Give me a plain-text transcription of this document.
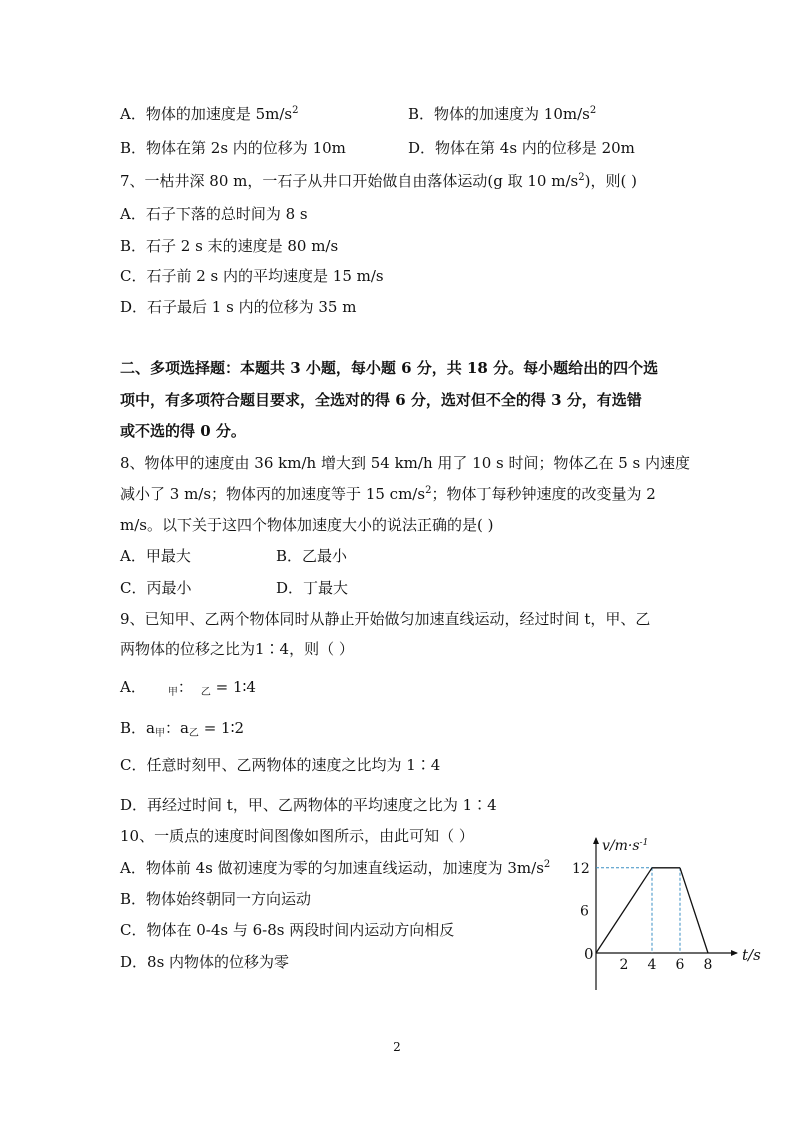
A．物体的加速度是 $5m/s^2$	B．物体的加速度为 $10m/s^2$
B．物体在第 2s 内的位移为 10m	D．物体在第 4s 内的位移是 20m
7、一枯井深 80 m，一石子从井口开始做自由落体运动(g 取 10 $m/s^2$)，则( )
A．石子下落的总时间为 8 s
B．石子 2 s 末的速度是 80 m/s
C．石子前 2 s 内的平均速度是 15 m/s
D．石子最后 1 s 内的位移为 35 m
二、多项选择题：本题共 3 小题，每小题 6 分，共 18 分。每小题给出的四个选
项中，有多项符合题目要求，全选对的得 6 分，选对但不全的得 3 分，有选错
或不选的得 0 分。
8、物体甲的速度由 36 km/h 增大到 54 km/h 用了 10 s 时间；物体乙在 5 s 内速度
减小了 3 m/s；物体丙的加速度等于 15 $cm/s^2$；物体丁每秒钟速度的改变量为 2
m/s。以下关于这四个物体加速度大小的说法正确的是( )
A．甲最大	B．乙最小
C．丙最小	D．丁最大
9、已知甲、乙两个物体同时从静止开始做匀加速直线运动，经过时间 t，甲、乙
两物体的位移之比为1∶4，则（ ）
A． $_甲$： $_乙$ = 1∶4
B．$a_甲$：$a_乙$ = 1∶2
C．任意时刻甲、乙两物体的速度之比均为 1∶4
D．再经过时间 t，甲、乙两物体的平均速度之比为 1∶4
10、一质点的速度时间图像如图所示，由此可知（ ）
A．物体前 4s 做初速度为零的匀加速直线运动，加速度为 $3m/s^2$
B．物体始终朝同一方向运动
C．物体在 0-4s 与 6-8s 两段时间内运动方向相反
D．8s 内物体的位移为零
$v/m\cdot s^{-1}$
t/s
0
2 4 6 8
6
12
2
